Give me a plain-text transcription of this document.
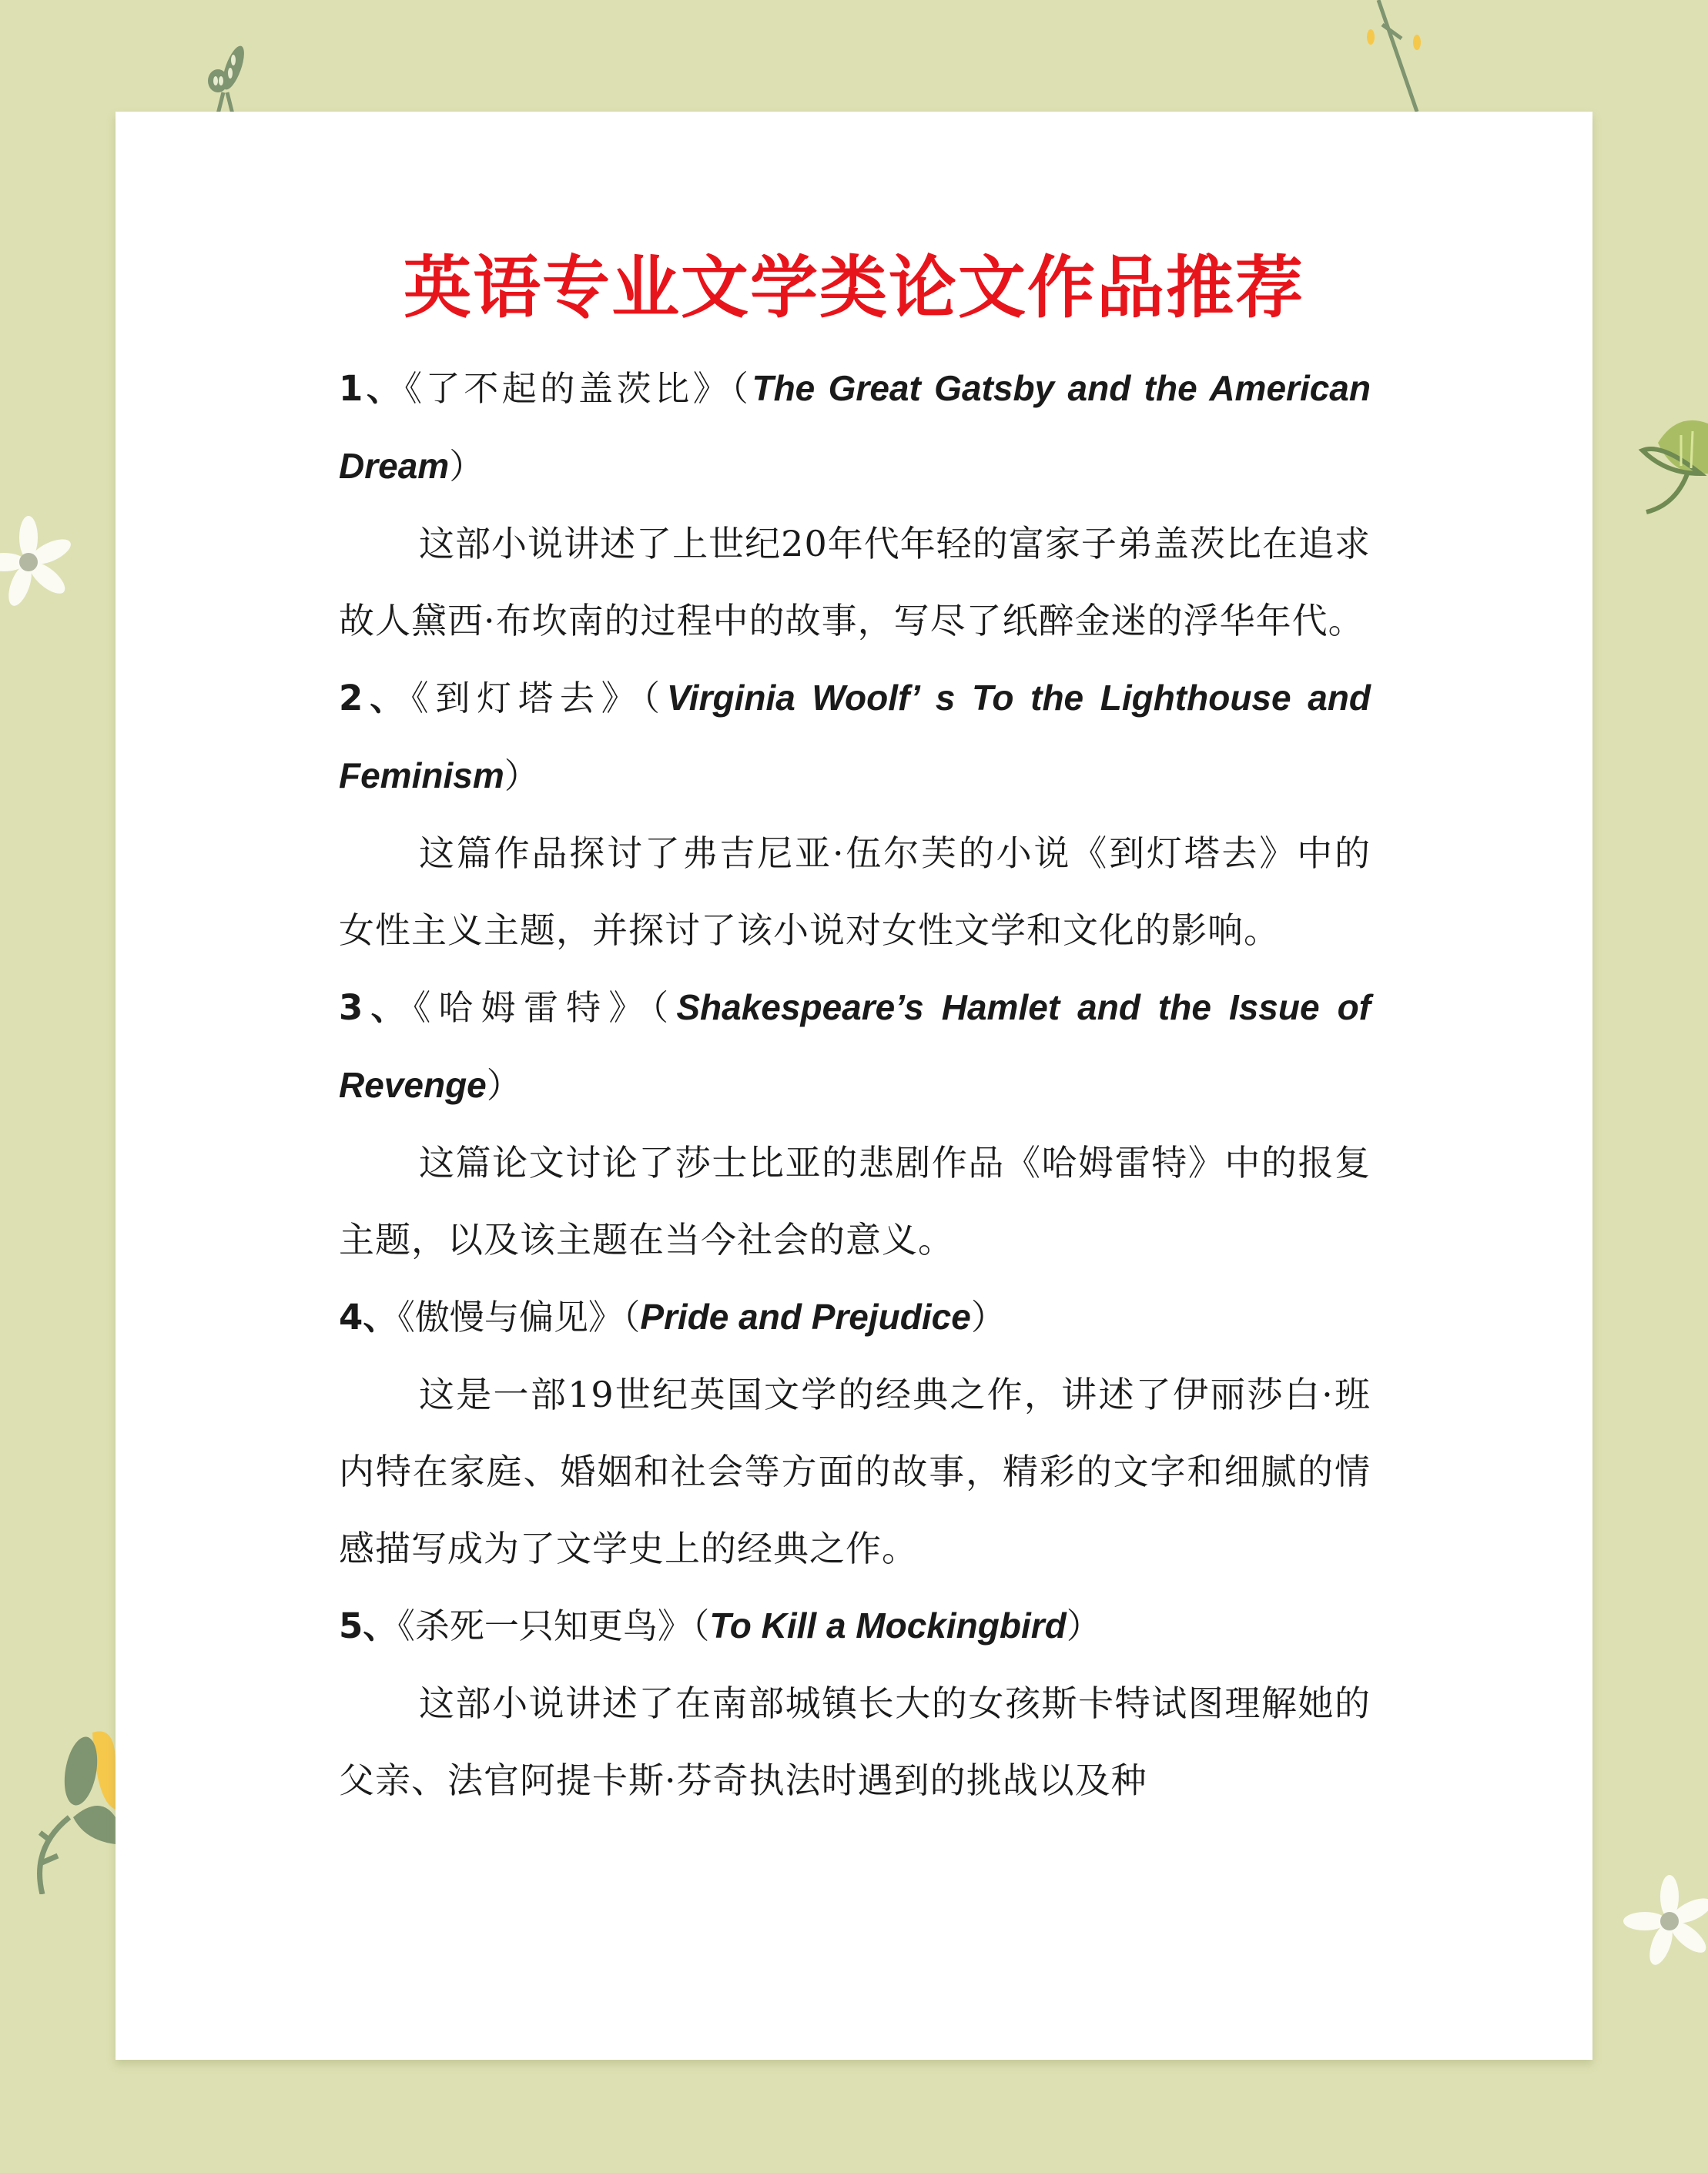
英语专业文学类论文作品推荐
1、《了不起的盖茨比》（The Great Gatsby and the American Dream）
这部小说讲述了上世纪20年代年轻的富家子弟盖茨比在追求故人黛西·布坎南的过程中的故事，写尽了纸醉金迷的浮华年代。
2、《到灯塔去》（Virginia Woolf’ s To the Lighthouse and Feminism）
这篇作品探讨了弗吉尼亚·伍尔芙的小说《到灯塔去》中的女性主义主题，并探讨了该小说对女性文学和文化的影响。
3、《哈姆雷特》（Shakespeare’s Hamlet and the Issue of Revenge）
这篇论文讨论了莎士比亚的悲剧作品《哈姆雷特》中的报复主题，以及该主题在当今社会的意义。
4、《傲慢与偏见》（Pride and Prejudice）
这是一部19世纪英国文学的经典之作，讲述了伊丽莎白·班内特在家庭、婚姻和社会等方面的故事，精彩的文字和细腻的情感描写成为了文学史上的经典之作。
5、《杀死一只知更鸟》（To Kill a Mockingbird）
这部小说讲述了在南部城镇长大的女孩斯卡特试图理解她的父亲、法官阿提卡斯·芬奇执法时遇到的挑战以及种
